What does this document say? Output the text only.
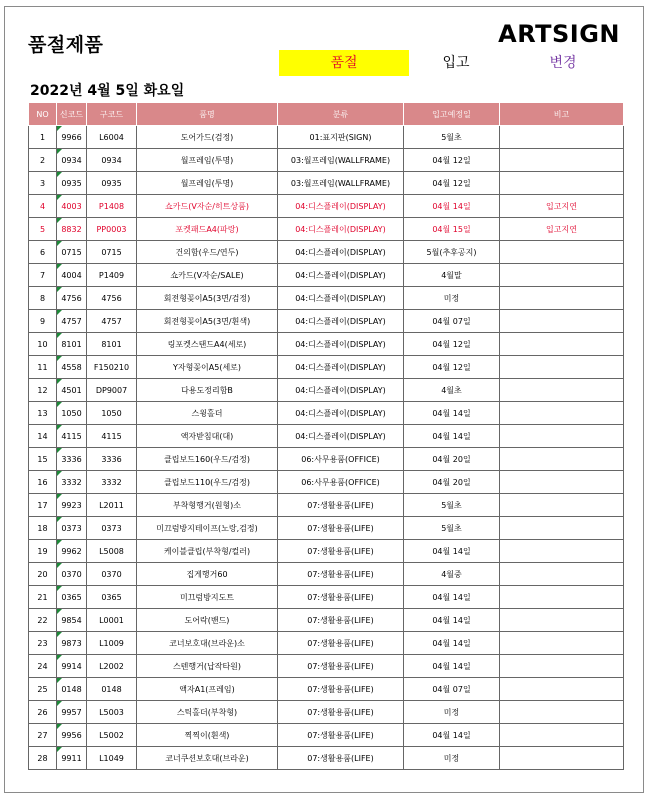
품절제품	ARTSIGN
품절	입고	변경
2022년 4월 5일 화요일
NO	신코드	구코드	품명	분류	입고예정일	비고
1	9966	L6004	도어가드(검정)	01:표지판(SIGN)	5월초	
2	0934	0934	월프레임(투명)	03:월프레임(WALLFRAME)	04월 12일	
3	0935	0935	월프레임(투명)	03:월프레임(WALLFRAME)	04월 12일	
4	4003	P1408	쇼카드(V자순/히트상품)	04:디스플레이(DISPLAY)	04월 14일	입고지연
5	8832	PP0003	포켓패드A4(파랑)	04:디스플레이(DISPLAY)	04월 15일	입고지연
6	0715	0715	건의함(우드/연두)	04:디스플레이(DISPLAY)	5월(추후공지)	
7	4004	P1409	쇼카드(V자순/SALE)	04:디스플레이(DISPLAY)	4월말	
8	4756	4756	회전형꽂이A5(3면/검정)	04:디스플레이(DISPLAY)	미정	
9	4757	4757	회전형꽂이A5(3면/흰색)	04:디스플레이(DISPLAY)	04월 07일	
10	8101	8101	링포켓스탠드A4(세로)	04:디스플레이(DISPLAY)	04월 12일	
11	4558	F150210	Y자형꽂이A5(세로)	04:디스플레이(DISPLAY)	04월 12일	
12	4501	DP9007	다용도정리함B	04:디스플레이(DISPLAY)	4월초	
13	1050	1050	스윙홀더	04:디스플레이(DISPLAY)	04월 14일	
14	4115	4115	액자받침대(대)	04:디스플레이(DISPLAY)	04월 14일	
15	3336	3336	클립보드160(우드/검정)	06:사무용품(OFFICE)	04월 20일	
16	3332	3332	클립보드110(우드/검정)	06:사무용품(OFFICE)	04월 20일	
17	9923	L2011	부착형행거(원형)소	07:생활용품(LIFE)	5월초	
18	0373	0373	미끄럼방지테이프(노랑,검정)	07:생활용품(LIFE)	5월초	
19	9962	L5008	케이블클립(부착형/컬러)	07:생활용품(LIFE)	04월 14일	
20	0370	0370	집게행거60	07:생활용품(LIFE)	4월중	
21	0365	0365	미끄럼방지도트	07:생활용품(LIFE)	04월 14일	
22	9854	L0001	도어락(밴드)	07:생활용품(LIFE)	04월 14일	
23	9873	L1009	코너보호대(브라운)소	07:생활용품(LIFE)	04월 14일	
24	9914	L2002	스텐행거(납작타원)	07:생활용품(LIFE)	04월 14일	
25	0148	0148	액자A1(프레임)	07:생활용품(LIFE)	04월 07일	
26	9957	L5003	스틱홀더(부착형)	07:생활용품(LIFE)	미정	
27	9956	L5002	찍찍이(흰색)	07:생활용품(LIFE)	04월 14일	
28	9911	L1049	코너쿠션보호대(브라운)	07:생활용품(LIFE)	미정	
